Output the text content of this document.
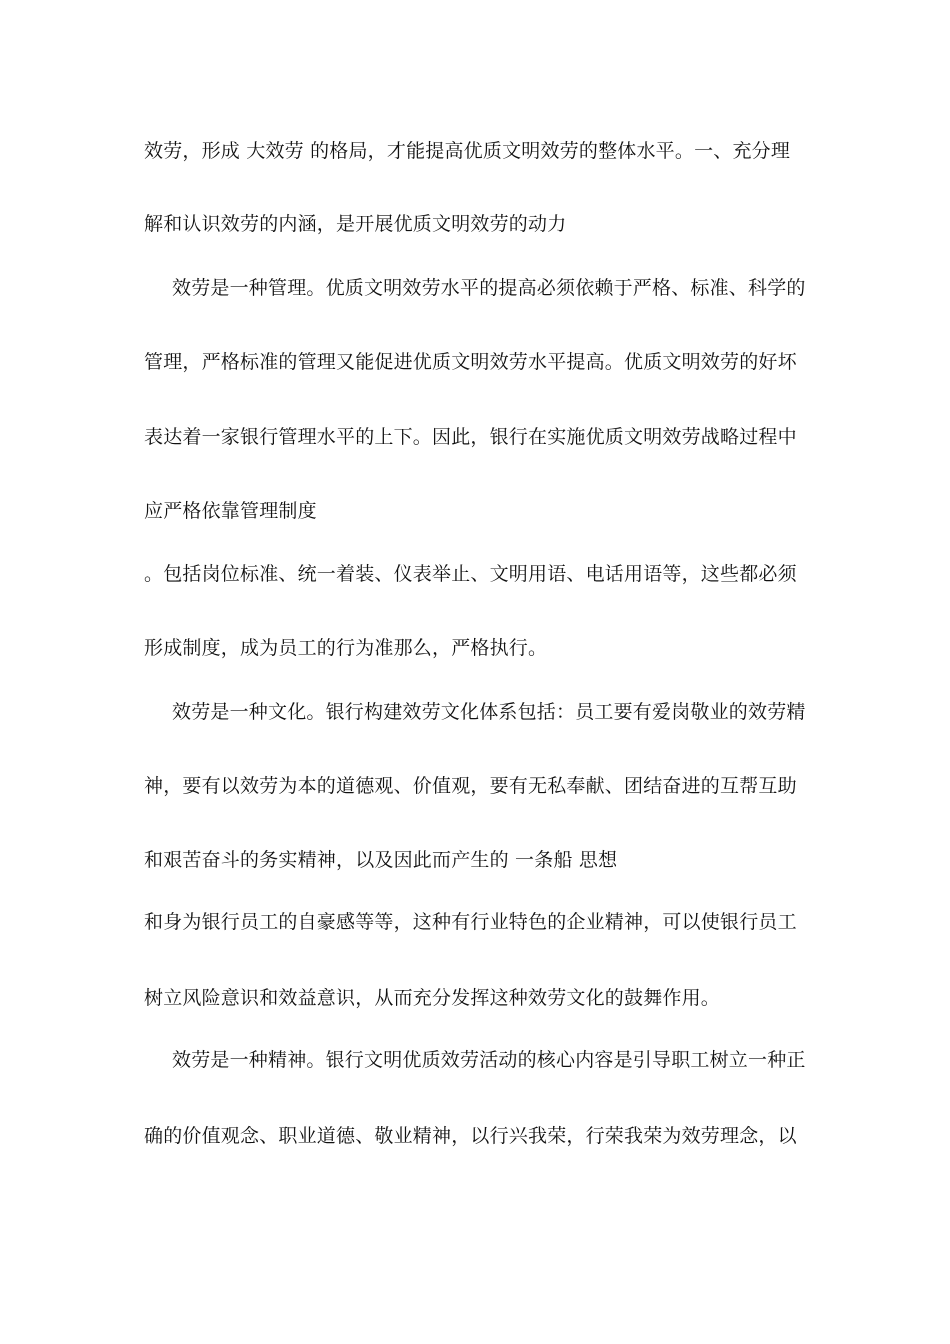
效劳，形成 大效劳 的格局，才能提高优质文明效劳的整体水平。一、充分理
解和认识效劳的内涵，是开展优质文明效劳的动力
效劳是一种管理。优质文明效劳水平的提高必须依赖于严格、标准、科学的
管理，严格标准的管理又能促进优质文明效劳水平提高。优质文明效劳的好坏
表达着一家银行管理水平的上下。因此，银行在实施优质文明效劳战略过程中
应严格依靠管理制度
。包括岗位标准、统一着装、仪表举止、文明用语、电话用语等，这些都必须
形成制度，成为员工的行为准那么，严格执行。
效劳是一种文化。银行构建效劳文化体系包括：员工要有爱岗敬业的效劳精
神，要有以效劳为本的道德观、价值观，要有无私奉献、团结奋进的互帮互助
和艰苦奋斗的务实精神，以及因此而产生的 一条船 思想
和身为银行员工的自豪感等等，这种有行业特色的企业精神，可以使银行员工
树立风险意识和效益意识，从而充分发挥这种效劳文化的鼓舞作用。
效劳是一种精神。银行文明优质效劳活动的核心内容是引导职工树立一种正
确的价值观念、职业道德、敬业精神，以行兴我荣，行荣我荣为效劳理念，以
